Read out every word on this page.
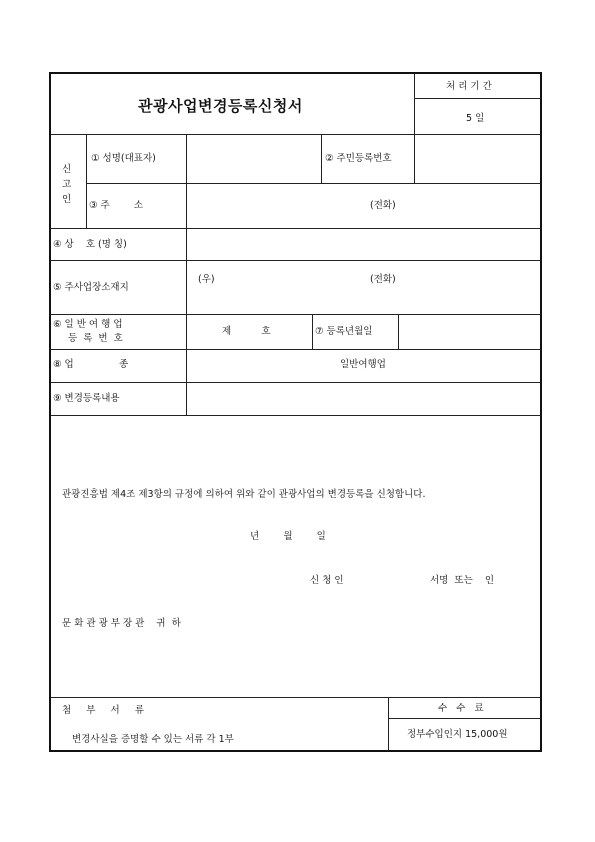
관광사업변경등록신청서
처 리 기 간
5 일
신
고
인
① 성명(대표자)	② 주민등록번호
③ 주        소	(전화)
④ 상    호 (명 칭)
⑤ 주사업장소재지
(우)	(전화)
⑥ 일 반 여 행 업
등  록  번  호
제          호	⑦ 등록년월일
⑧ 업               종	일반여행업
⑨ 변경등록내용
관광진흥법 제4조 제3항의 규정에 의하여 위와 같이 관광사업의 변경등록을 신청합니다.
년        월        일
신 청 인	서명  또는    인
문 화 관 광 부 장 관    귀  하
첨     부     서     류
변경사실을 증명할 수 있는 서류 각 1부
수   수   료
정부수입인지 15,000원
